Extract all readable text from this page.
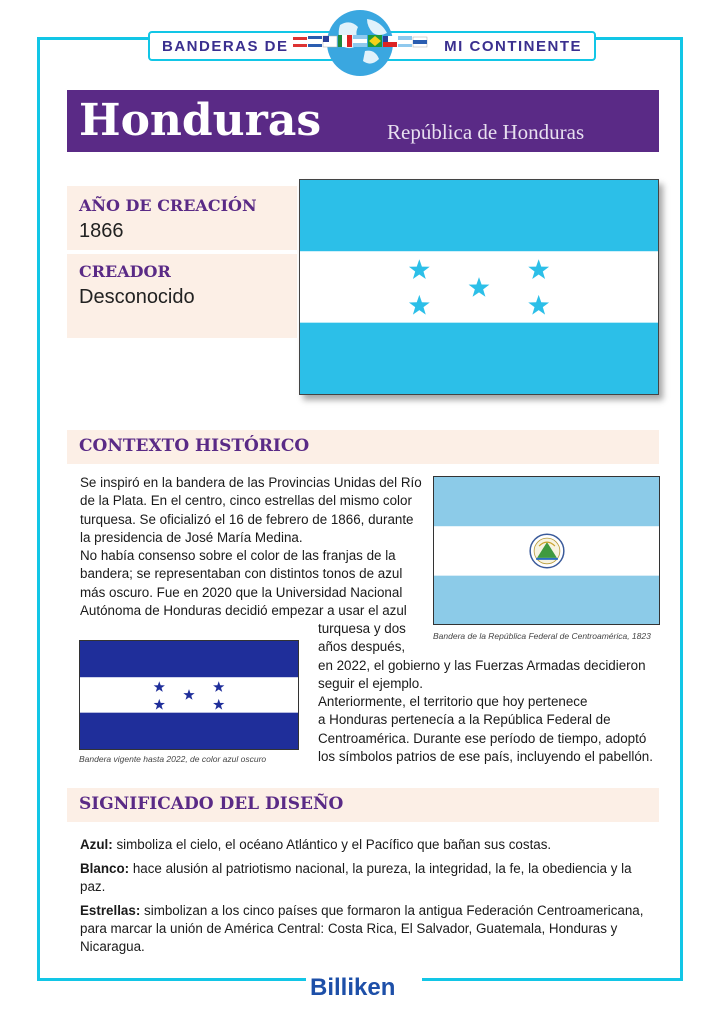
BANDERAS DE	MI CONTINENTE
Honduras	República de Honduras
AÑO DE CREACIÓN
1866
CREADOR
Desconocido
CONTEXTO HISTÓRICO

Se inspiró en la bandera de las Provincias Unidas del Río

de la Plata. En el centro, cinco estrellas del mismo color

turquesa. Se oficializó el 16 de febrero de 1866, durante

la presidencia de José María Medina.

No había consenso sobre el color de las franjas de la

bandera; se representaban con distintos tonos de azul

más oscuro. Fue en 2020 que la Universidad Nacional

Autónoma de Honduras decidió empezar a usar el azul

turquesa y dos

años después,

en 2022, el gobierno y las Fuerzas Armadas decidieron

seguir el ejemplo.

Anteriormente, el territorio que hoy pertenece

a Honduras pertenecía a la República Federal de

Centroamérica. Durante ese período de tiempo, adoptó

los símbolos patrios de ese país, incluyendo el pabellón.

Bandera de la República Federal de Centroamérica, 1823
Bandera vigente hasta 2022, de color azul oscuro
SIGNIFICADO DEL DISEÑO

Azul: simboliza el cielo, el océano Atlántico y el Pacífico que bañan sus costas.

Blanco: hace alusión al patriotismo nacional, la pureza, la integridad, la fe, la obediencia y la paz.

Estrellas: simbolizan a los cinco países que formaron la antigua Federación Centroamericana, para marcar la unión de América Central: Costa Rica, El Salvador, Guatemala, Honduras y Nicaragua.

Billiken
